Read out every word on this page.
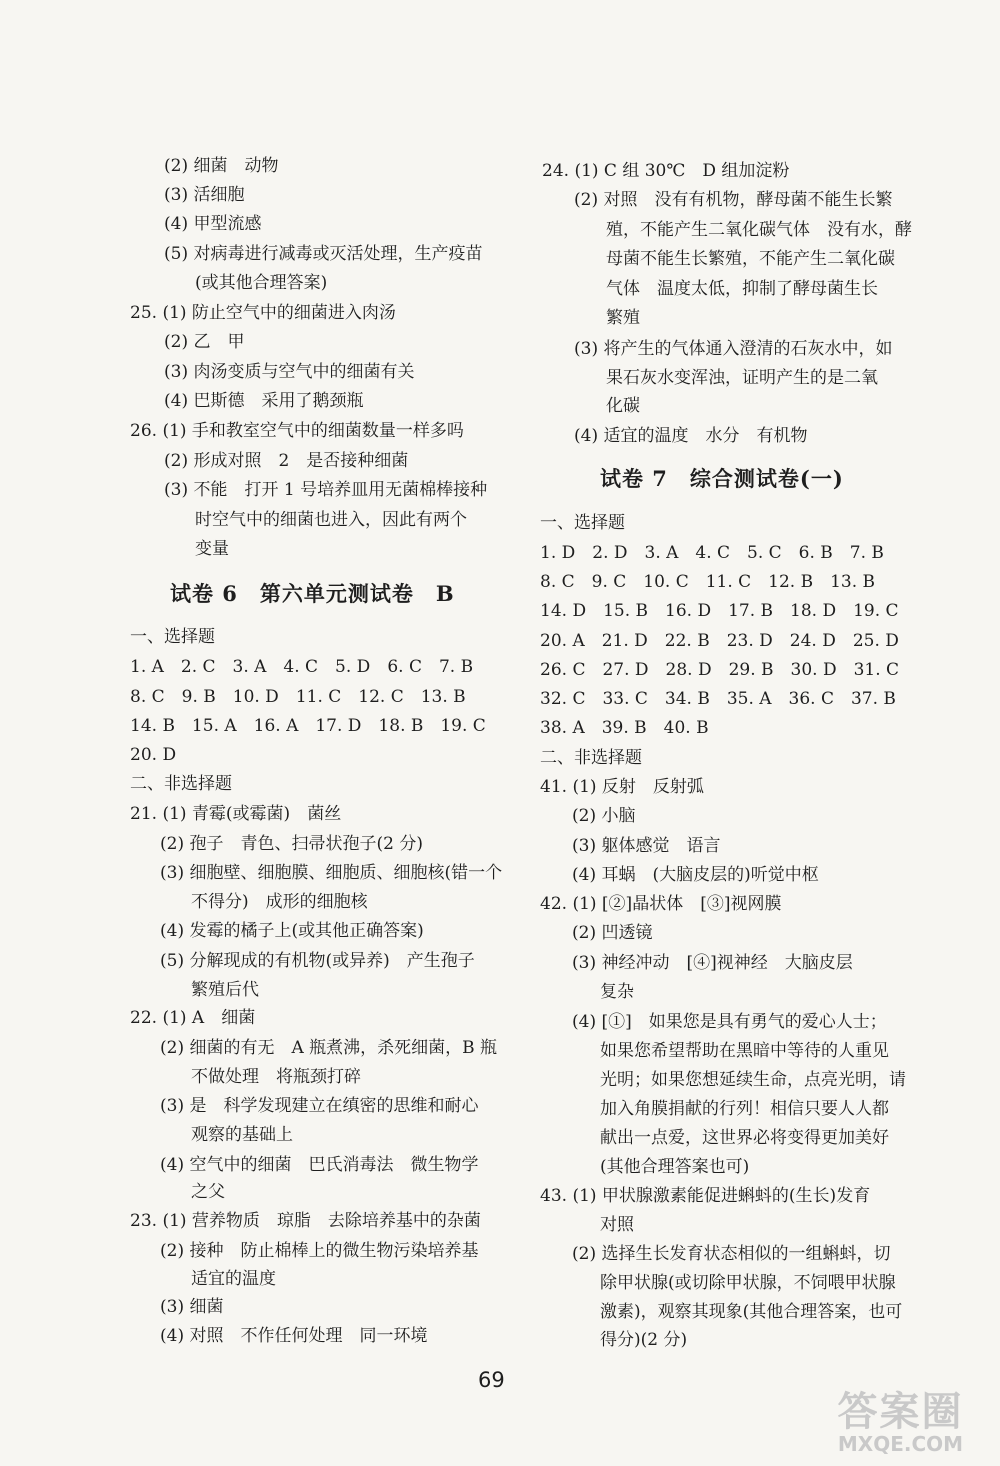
(2) 细菌　动物
(3) 活细胞
(4) 甲型流感
(5) 对病毒进行减毒或灭活处理，生产疫苗
(或其他合理答案)
25. (1) 防止空气中的细菌进入肉汤
(2) 乙　甲
(3) 肉汤变质与空气中的细菌有关
(4) 巴斯德　采用了鹅颈瓶
26. (1) 手和教室空气中的细菌数量一样多吗
(2) 形成对照　2　是否接种细菌
(3) 不能　打开 1 号培养皿用无菌棉棒接种
时空气中的细菌也进入，因此有两个
变量
试卷 6　第六单元测试卷　B
一、选择题
1. A　2. C　3. A　4. C　5. D　6. C　7. B
8. C　9. B　10. D　11. C　12. C　13. B
14. B　15. A　16. A　17. D　18. B　19. C
20. D
二、非选择题
21. (1) 青霉(或霉菌)　菌丝
(2) 孢子　青色、扫帚状孢子(2 分)
(3) 细胞壁、细胞膜、细胞质、细胞核(错一个
不得分)　成形的细胞核
(4) 发霉的橘子上(或其他正确答案)
(5) 分解现成的有机物(或异养)　产生孢子
繁殖后代
22. (1) A　细菌
(2) 细菌的有无　A 瓶煮沸，杀死细菌，B 瓶
不做处理　将瓶颈打碎
(3) 是　科学发现建立在缜密的思维和耐心
观察的基础上
(4) 空气中的细菌　巴氏消毒法　微生物学
之父
23. (1) 营养物质　琼脂　去除培养基中的杂菌
(2) 接种　防止棉棒上的微生物污染培养基
适宜的温度
(3) 细菌
(4) 对照　不作任何处理　同一环境
24. (1) C 组 30℃　D 组加淀粉
(2) 对照　没有有机物，酵母菌不能生长繁
殖，不能产生二氧化碳气体　没有水，酵
母菌不能生长繁殖，不能产生二氧化碳
气体　温度太低，抑制了酵母菌生长
繁殖
(3) 将产生的气体通入澄清的石灰水中，如
果石灰水变浑浊，证明产生的是二氧
化碳
(4) 适宜的温度　水分　有机物
试卷 7　综合测试卷(一)
一、选择题
1. D　2. D　3. A　4. C　5. C　6. B　7. B
8. C　9. C　10. C　11. C　12. B　13. B
14. D　15. B　16. D　17. B　18. D　19. C
20. A　21. D　22. B　23. D　24. D　25. D
26. C　27. D　28. D　29. B　30. D　31. C
32. C　33. C　34. B　35. A　36. C　37. B
38. A　39. B　40. B
二、非选择题
41. (1) 反射　反射弧
(2) 小脑
(3) 躯体感觉　语言
(4) 耳蜗　(大脑皮层的)听觉中枢
42. (1) [②]晶状体　[③]视网膜
(2) 凹透镜
(3) 神经冲动　[④]视神经　大脑皮层
复杂
(4) [①]　如果您是具有勇气的爱心人士；
如果您希望帮助在黑暗中等待的人重见
光明；如果您想延续生命，点亮光明，请
加入角膜捐献的行列！相信只要人人都
献出一点爱，这世界必将变得更加美好
(其他合理答案也可)
43. (1) 甲状腺激素能促进蝌蚪的(生长)发育
对照
(2) 选择生长发育状态相似的一组蝌蚪，切
除甲状腺(或切除甲状腺，不饲喂甲状腺
激素)，观察其现象(其他合理答案，也可
得分)(2 分)
69
答案圈
MXQE.COM
